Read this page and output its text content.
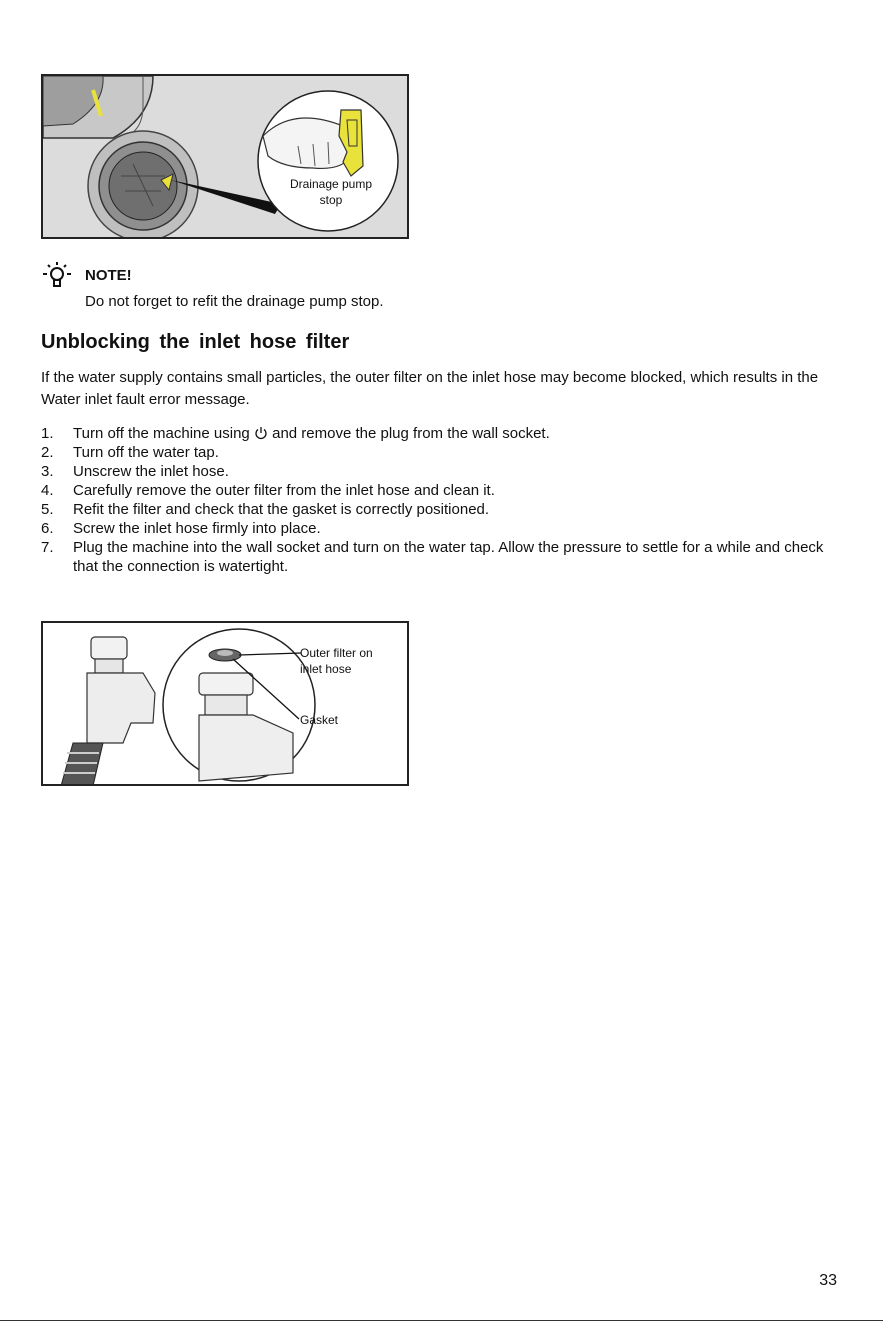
Drainage pump
stop
NOTE!
Do not forget to refit the drainage pump stop.
Unblocking the inlet hose filter
If the water supply contains small particles, the outer filter on the inlet hose may become blocked, which results in the Water inlet fault error message.
1. Turn off the machine using  and remove the plug from the wall socket.
2. Turn off the water tap.
3. Unscrew the inlet hose.
4. Carefully remove the outer filter from the inlet hose and clean it.
5. Refit the filter and check that the gasket is correctly positioned.
6. Screw the inlet hose firmly into place.
7. Plug the machine into the wall socket and turn on the water tap. Allow the pressure to settle for a while and check that the connection is watertight.
Outer filter on
inlet hose
Gasket
33
